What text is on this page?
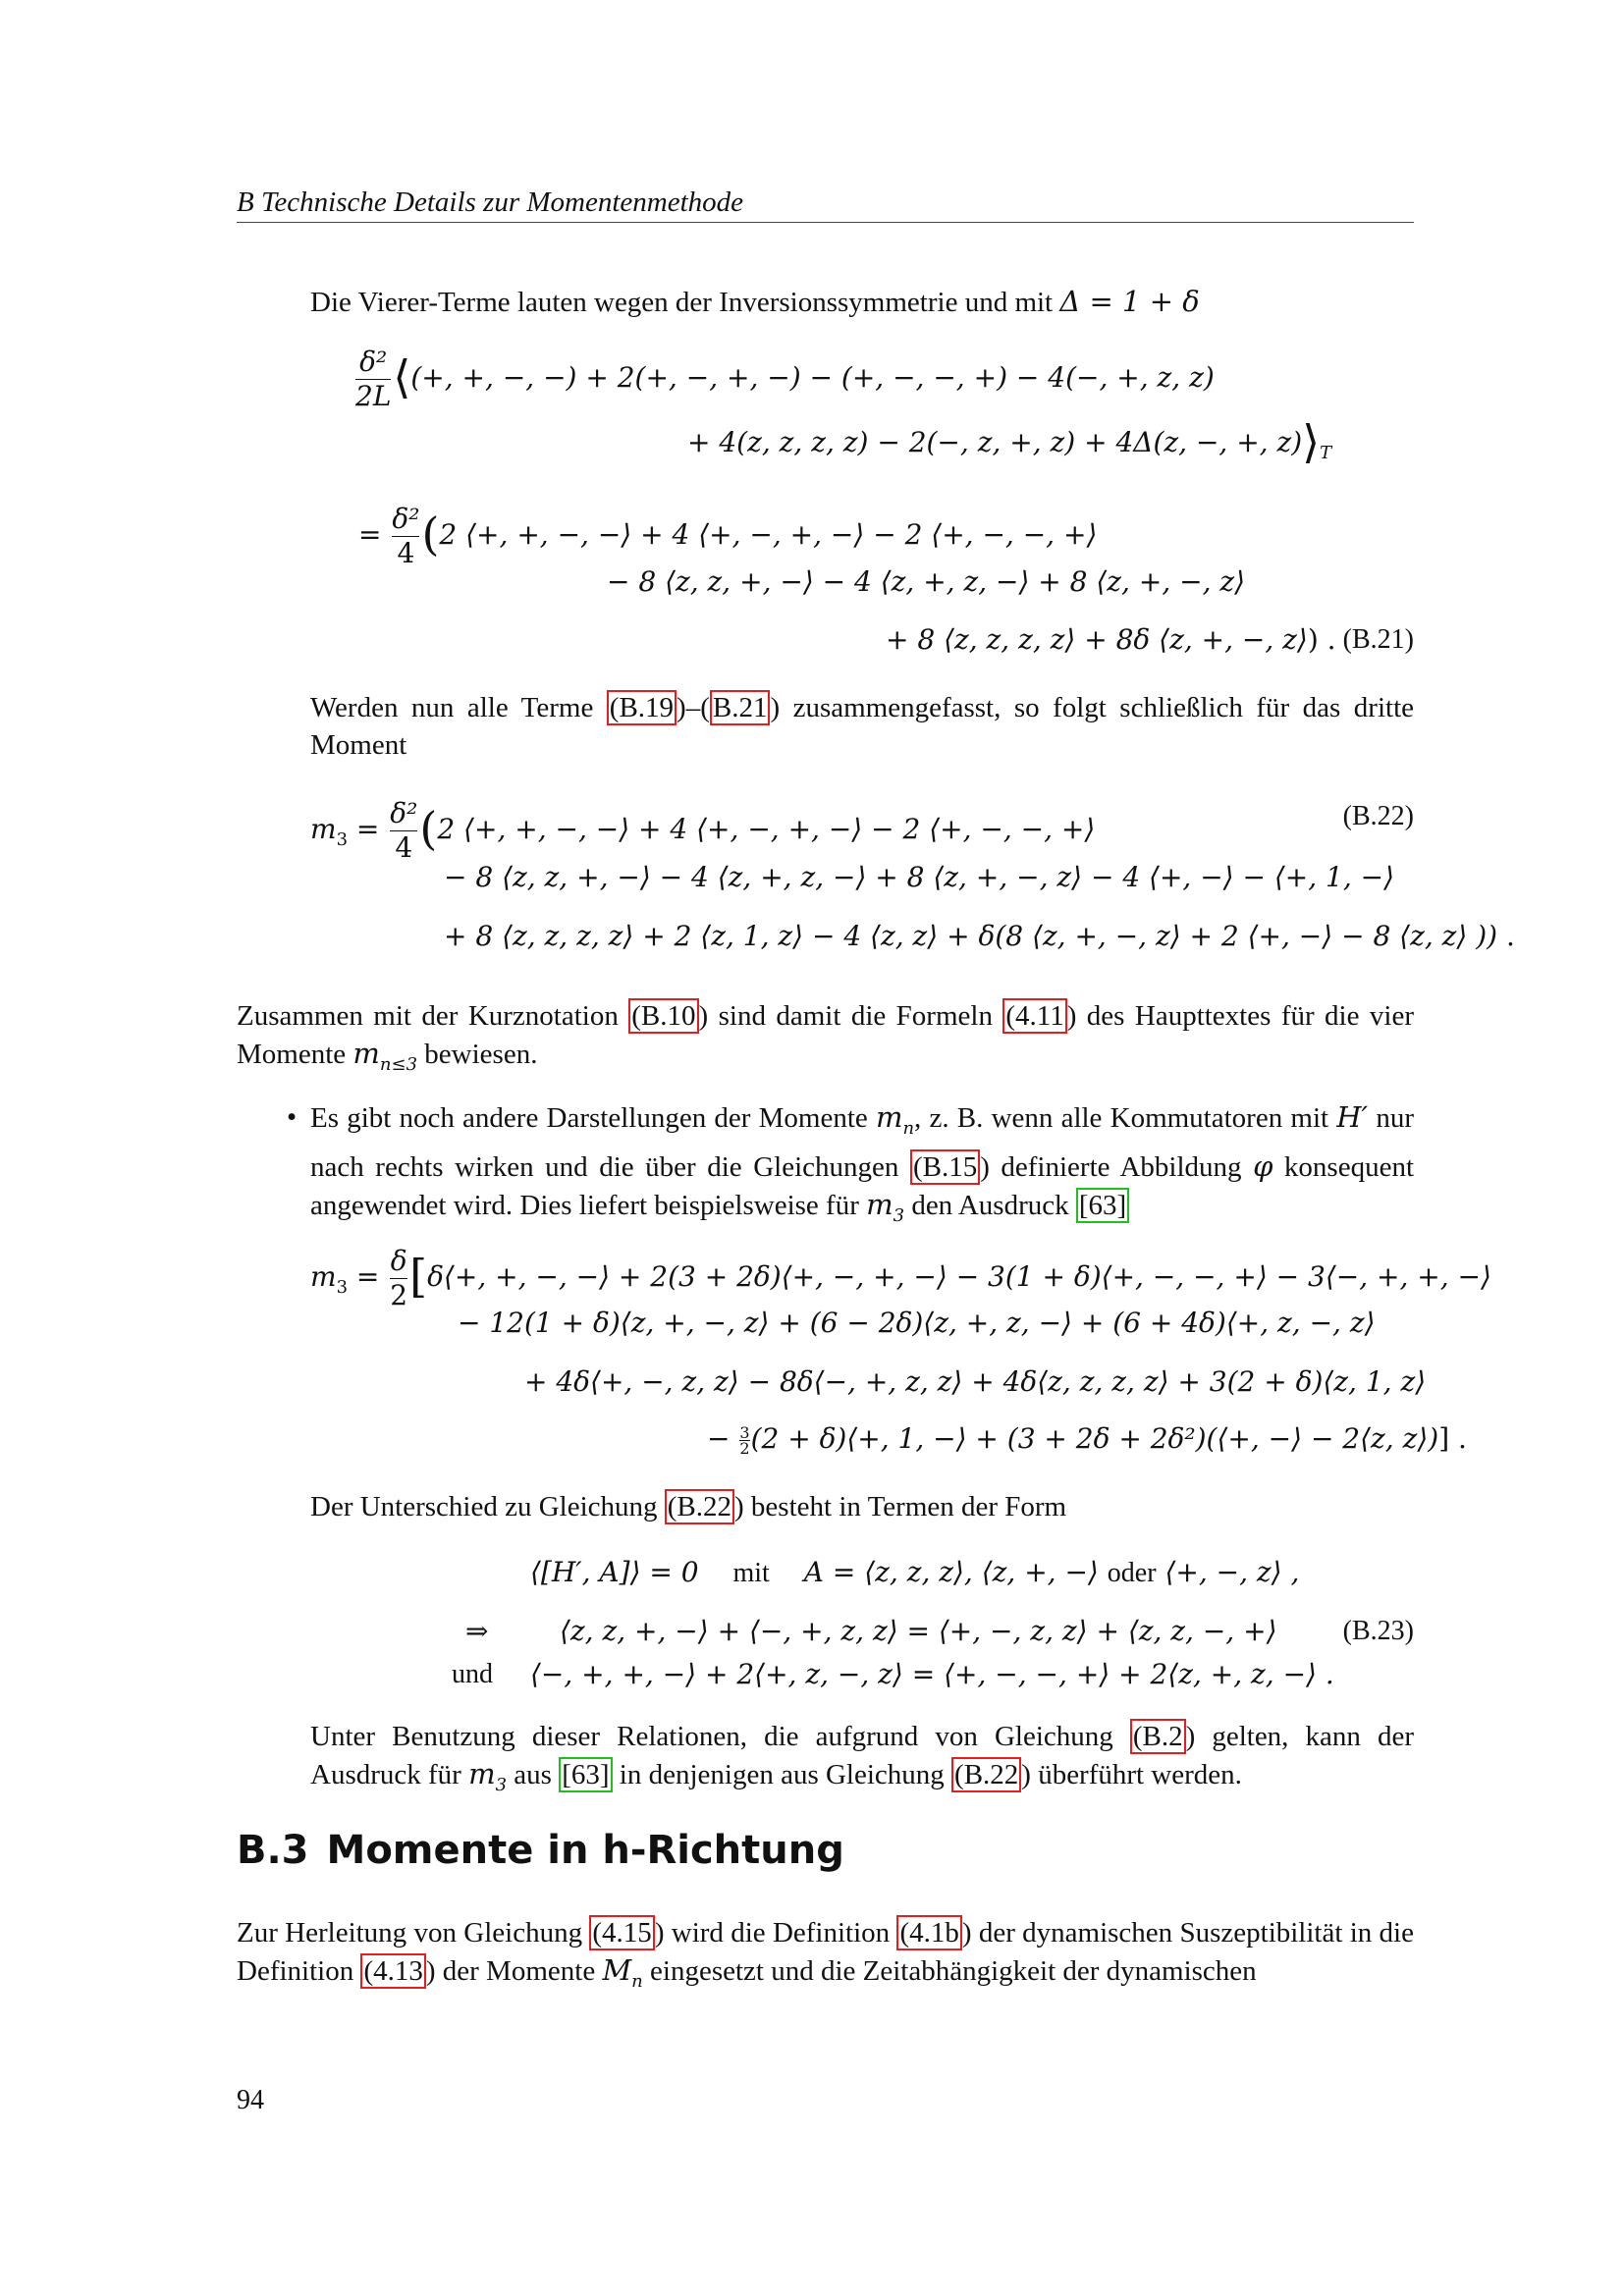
B Technische Details zur Momentenmethode
Die Vierer-Terme lauten wegen der Inversionssymmetrie und mit Δ = 1 + δ
$\frac{\text{δ²}}{2L}$ ⟨(+, +, −, −) + 2(+, −, +, −) − (+, −, −, +) − 4(−, +, z, z)
+ 4(z, z, z, z) − 2(−, z, +, z) + 4Δ(z, −, +, $z)⟩_T$
= $\frac{\text{δ²}}{4} (2$ ⟨+, +, −, −⟩ + 4 ⟨+, −, +, −⟩ − 2 ⟨+, −, −, +⟩
− 8 ⟨z, z, +, −⟩ − 4 ⟨z, +, z, −⟩ + 8 ⟨z, +, −, z⟩
+ 8 ⟨z, z, z, z⟩ + 8δ ⟨z, +, −, z⟩) . (B.21)
Werden nun alle Terme (B.19 )–( B.21 ) zusammengefasst, so folgt schließlich für das dritte Moment
$m_3 = \frac{\text{δ²}}{4} (2$ ⟨+, +, −, −⟩ + 4 ⟨+, −, +, −⟩ − 2 ⟨+, −, −, +⟩	(B.22)
− 8 ⟨z, z, +, −⟩ − 4 ⟨z, +, z, −⟩ + 8 ⟨z, +, −, z⟩ − 4 ⟨+, −⟩ − ⟨+, 1, −⟩
+ 8 ⟨z, z, z, z⟩ + 2 ⟨z, 1, z⟩ − 4 ⟨z, z⟩ + δ(8 ⟨z, +, −, z⟩ + 2 ⟨+, −⟩ − 8 ⟨z, z⟩ )) .
Zusammen mit der Kurznotation (B.10 ) sind damit die Formeln (4.11 ) des Haupttextes für die vier Momente $m_{n\le 3}$ bewiesen.
• Es gibt noch andere Darstellungen der Momente $m_n$, z. B. wenn alle Kommutatoren mit H′ nur nach rechts wirken und die über die Gleichungen (B.15 ) definierte Abbildung φ konsequent angewendet wird. Dies liefert beispielsweise für $m_3$ den Ausdruck [63]
$m_3 = \frac{\delta}{2}$ [δ⟨+, +, −, −⟩ + 2(3 + 2δ)⟨+, −, +, −⟩ − 3(1 + δ)⟨+, −, −, +⟩ − 3⟨−, +, +, −⟩
− 12(1 + δ)⟨z, +, −, z⟩ + (6 − 2δ)⟨z, +, z, −⟩ + (6 + 4δ)⟨+, z, −, z⟩
+ 4δ⟨+, −, z, z⟩ − 8δ⟨−, +, z, z⟩ + 4δ⟨z, z, z, z⟩ + 3(2 + δ)⟨z, 1, z⟩
− $\frac{3}{2} (2$ + δ)⟨+, 1, −⟩ + (3 + 2δ + 2δ²)(⟨+, −⟩ − 2⟨z, z⟩)] .
Der Unterschied zu Gleichung (B.22 ) besteht in Termen der Form
⟨[H′, A]⟩ = 0 mit A = ⟨z, z, z⟩, ⟨z, +, −⟩ oder ⟨+, −, z⟩ ,
⇒	⟨z, z, +, −⟩ + ⟨−, +, z, z⟩ = ⟨+, −, z, z⟩ + ⟨z, z, −, +⟩ (B.23)
und ⟨−, +, +, −⟩ + 2⟨+, z, −, z⟩ = ⟨+, −, −, +⟩ + 2⟨z, +, z, −⟩ .
Unter Benutzung dieser Relationen, die aufgrund von Gleichung (B.2 ) gelten, kann der Ausdruck für $m_3$ aus [63] in denjenigen aus Gleichung (B.22 ) überführt werden.
B.3 Momente in h-Richtung
Zur Herleitung von Gleichung (4.15 ) wird die Definition (4.1b ) der dynamischen Suszeptibilität in die Definition (4.13 ) der Momente $M_n$ eingesetzt und die Zeitabhängigkeit der dynamischen
94
